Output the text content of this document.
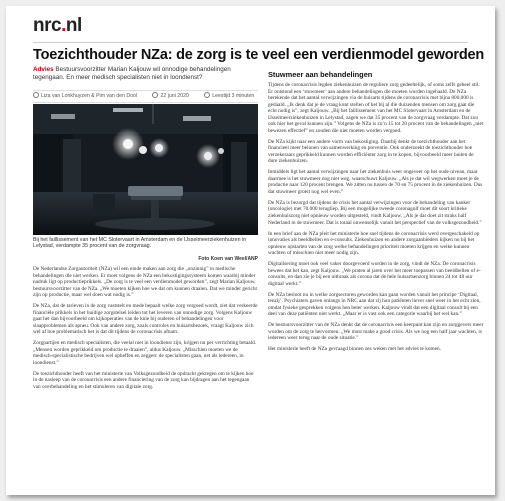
nrc.nl
Toezichthouder NZa: de zorg is te veel een verdienmodel geworden
Advies Bestuursvoorzitter Marian Kaljouw wil onnodige behandelingen tegengaan. En meer medisch specialisten niet in loondienst?
Liza van Lonkhuyzen & Pim van den Dool	22 juni 2020	Leestijd 3 minuten
Bij het faillissement van het MC Slotervaart in Amsterdam en de IJsselmeerziekenhuizen in Lelystad, verdampte 35 procent van de zorgvraag.
Foto Koen van Weel/ANP

De Nederlandse Zorgautoriteit (NZa) wil een einde maken aan zorg die „onzinnig” in medische behandelingen die niet werken. Er moet volgens de NZa een bekostigingssysteem komen waarbij minder nadruk ligt op productieprikkels. „De zorg is te veel een verdienmodel geworden”, zegt Marian Kaljouw, bestuursvoorzitter van de NZa. „We moeten kijken hoe we dat om kunnen draaien. Dat we minder gericht zijn op productie, maar wel doen wat nodig is.”

De NZa, dat de tarieven in de zorg vaststelt en mede bepaalt welke zorg vergoed wordt, ziet dat verkeerde financiële prikkels in het huidige zorgstelsel leiden tot het leveren van onnodige zorg. Volgens Kaljouw gaat het dan bijvoorbeeld om kijkoperaties van de knie bij ouderen of behandelingen voor slaapproblemen als apneu. Ook van andere zorg, zoals controles en huisartsbezoek, vraagt Kaljouw zich wel af hoe problematisch het is dat dit tijdens de coronacrisis afnam.

Zorgpartijen en medisch specialisten, die veelal niet in loondienst zijn, krijgen nu per verrichting betaald. „Mensen worden geprikkeld om productie te draaien”, aldus Kaljouw. „Misschien moeten we de medisch-specialistische bedrijven wel opheffen en zeggen: de specialisten gaan, net als iedereen, in loondienst.”

De toezichthouder heeft van het ministerie van Volksgezondheid de opdracht gekregen om te kijken hoe in de nasleep van de coronacrisis een andere financiering van de zorg kan bijdragen aan het tegengaan van overbehandeling en het stimuleren van digitale zorg.

Stuwmeer aan behandelingen

Tijdens de coronacrisis legden ziekenhuizen de reguliere zorg gedeeltelijk, of soms zelfs geheel stil. Er ontstond een ‘stuwmeer’ aan andere behandelingen die moeten worden ingehaald. De NZa berekende dat het aantal verwijzingen via de huisarts tijdens de coronacrisis met bijna 800.000 is gedaald. „Ik denk dat je de vraag kunt stellen of het bij al die duizenden mensen om zorg gaat die echt nodig is”, zegt Kaljouw. „Bij het faillissement van het MC Slotervaart in Amsterdam en de IJsselmeerziekenhuizen in Lelystad, zagen we dat 35 procent van de zorgvraag verdampte. Dat zou ook hier het geval kunnen zijn.” Volgens de NZa is zo’n 15 tot 20 procent van de behandelingen „niet bewezen effectief” en zouden die niet moeten worden vergoed.

De NZa kijkt naar een andere vorm van bekostiging. Daarbij denkt de toezichthouder aan het financieel meer belonen van samenwerking en preventie. Ook onderzoekt de toezichthouder hoe verzekeraars geprikkeld kunnen worden efficiënter zorg in te kopen, bijvoorbeeld meer buiten de dure ziekenhuizen.

Inmiddels ligt het aantal verwijzingen naar het ziekenhuis weer ongeveer op het oude niveau, maar daarmee is het stuwmeer nog niet weg, waarschuwt Kaljouw. „Als je dat wil wegwerken moet je de productie naar 120 procent brengen. We zitten nu tussen de 70 en 75 procent in de ziekenhuizen. Dus dat stuwmeer groeit nog wel even.”

De NZa is bezorgd dat tijdens de crisis het aantal verwijzingen voor de behandeling van kanker (oncologie) met 70.000 terugliep. Bij een mogelijke tweede coronagolf moet dit soort kritieke ziekenhuiszorg niet opnieuw worden uitgesteld, vindt Kaljouw. „Als je dat doet zit straks half Nederland in de stuwmeer. Dat is totaal onwenselijk vanuit het perspectief van de volksgezondheid.”

In een brief aan de NZa pleit het ministerie hoe snel tijdens de coronacrisis werd overgeschakeld op innovaties als beeldbellen en e-consults. Ziekenhuizen en andere zorgaanbieders kijken nu bij het opnieuw opstarten van de zorg welke behandelingen prioriteit moeten krijgen en welke kunnen wachten of misschien niet meer nodig zijn.

Digitalisering moet ook veel vaker doorgevoerd worden in de zorg, vindt de NZa. De coronacrisis bewees dat het kan, zegt Kaljouw. „We praten al jaren over het meer toepassen van beeldbellen of e-consults, en dan zie je bij een uitbraak als corona dat de hele huisartsenzorg binnen 24 tot 48 uur digitaal werkt.”

De NZa besloot nu in welke zorgsectoren geworden kan gaan worden vanuit het principe ‘Digitaal, tenzij’. Psychiaters gaven onlangs in NRC aan dat zij hun patiënten liever snel weer in het echt zien, omdat fysieke gesprekken volgens hen beter werken. Kaljouw vindt dat een digitaal consult bij een deel van deze patiënten niet werkt. „Maar er is vast ook een categorie waarbij het wel kan.”

De bestuursvoorzitter van de NZa denkt dat de coronacrisis een keerpunt kan zijn en zorggevers meer worden om de zorg te hervormen. „We must make a good crisis. Als we nog een half jaar wachten, is iedereen weer terug naar de oude situatie.”

Het ministerie heeft de NZa gevraagd binnen zes weken met het advies te komen.
